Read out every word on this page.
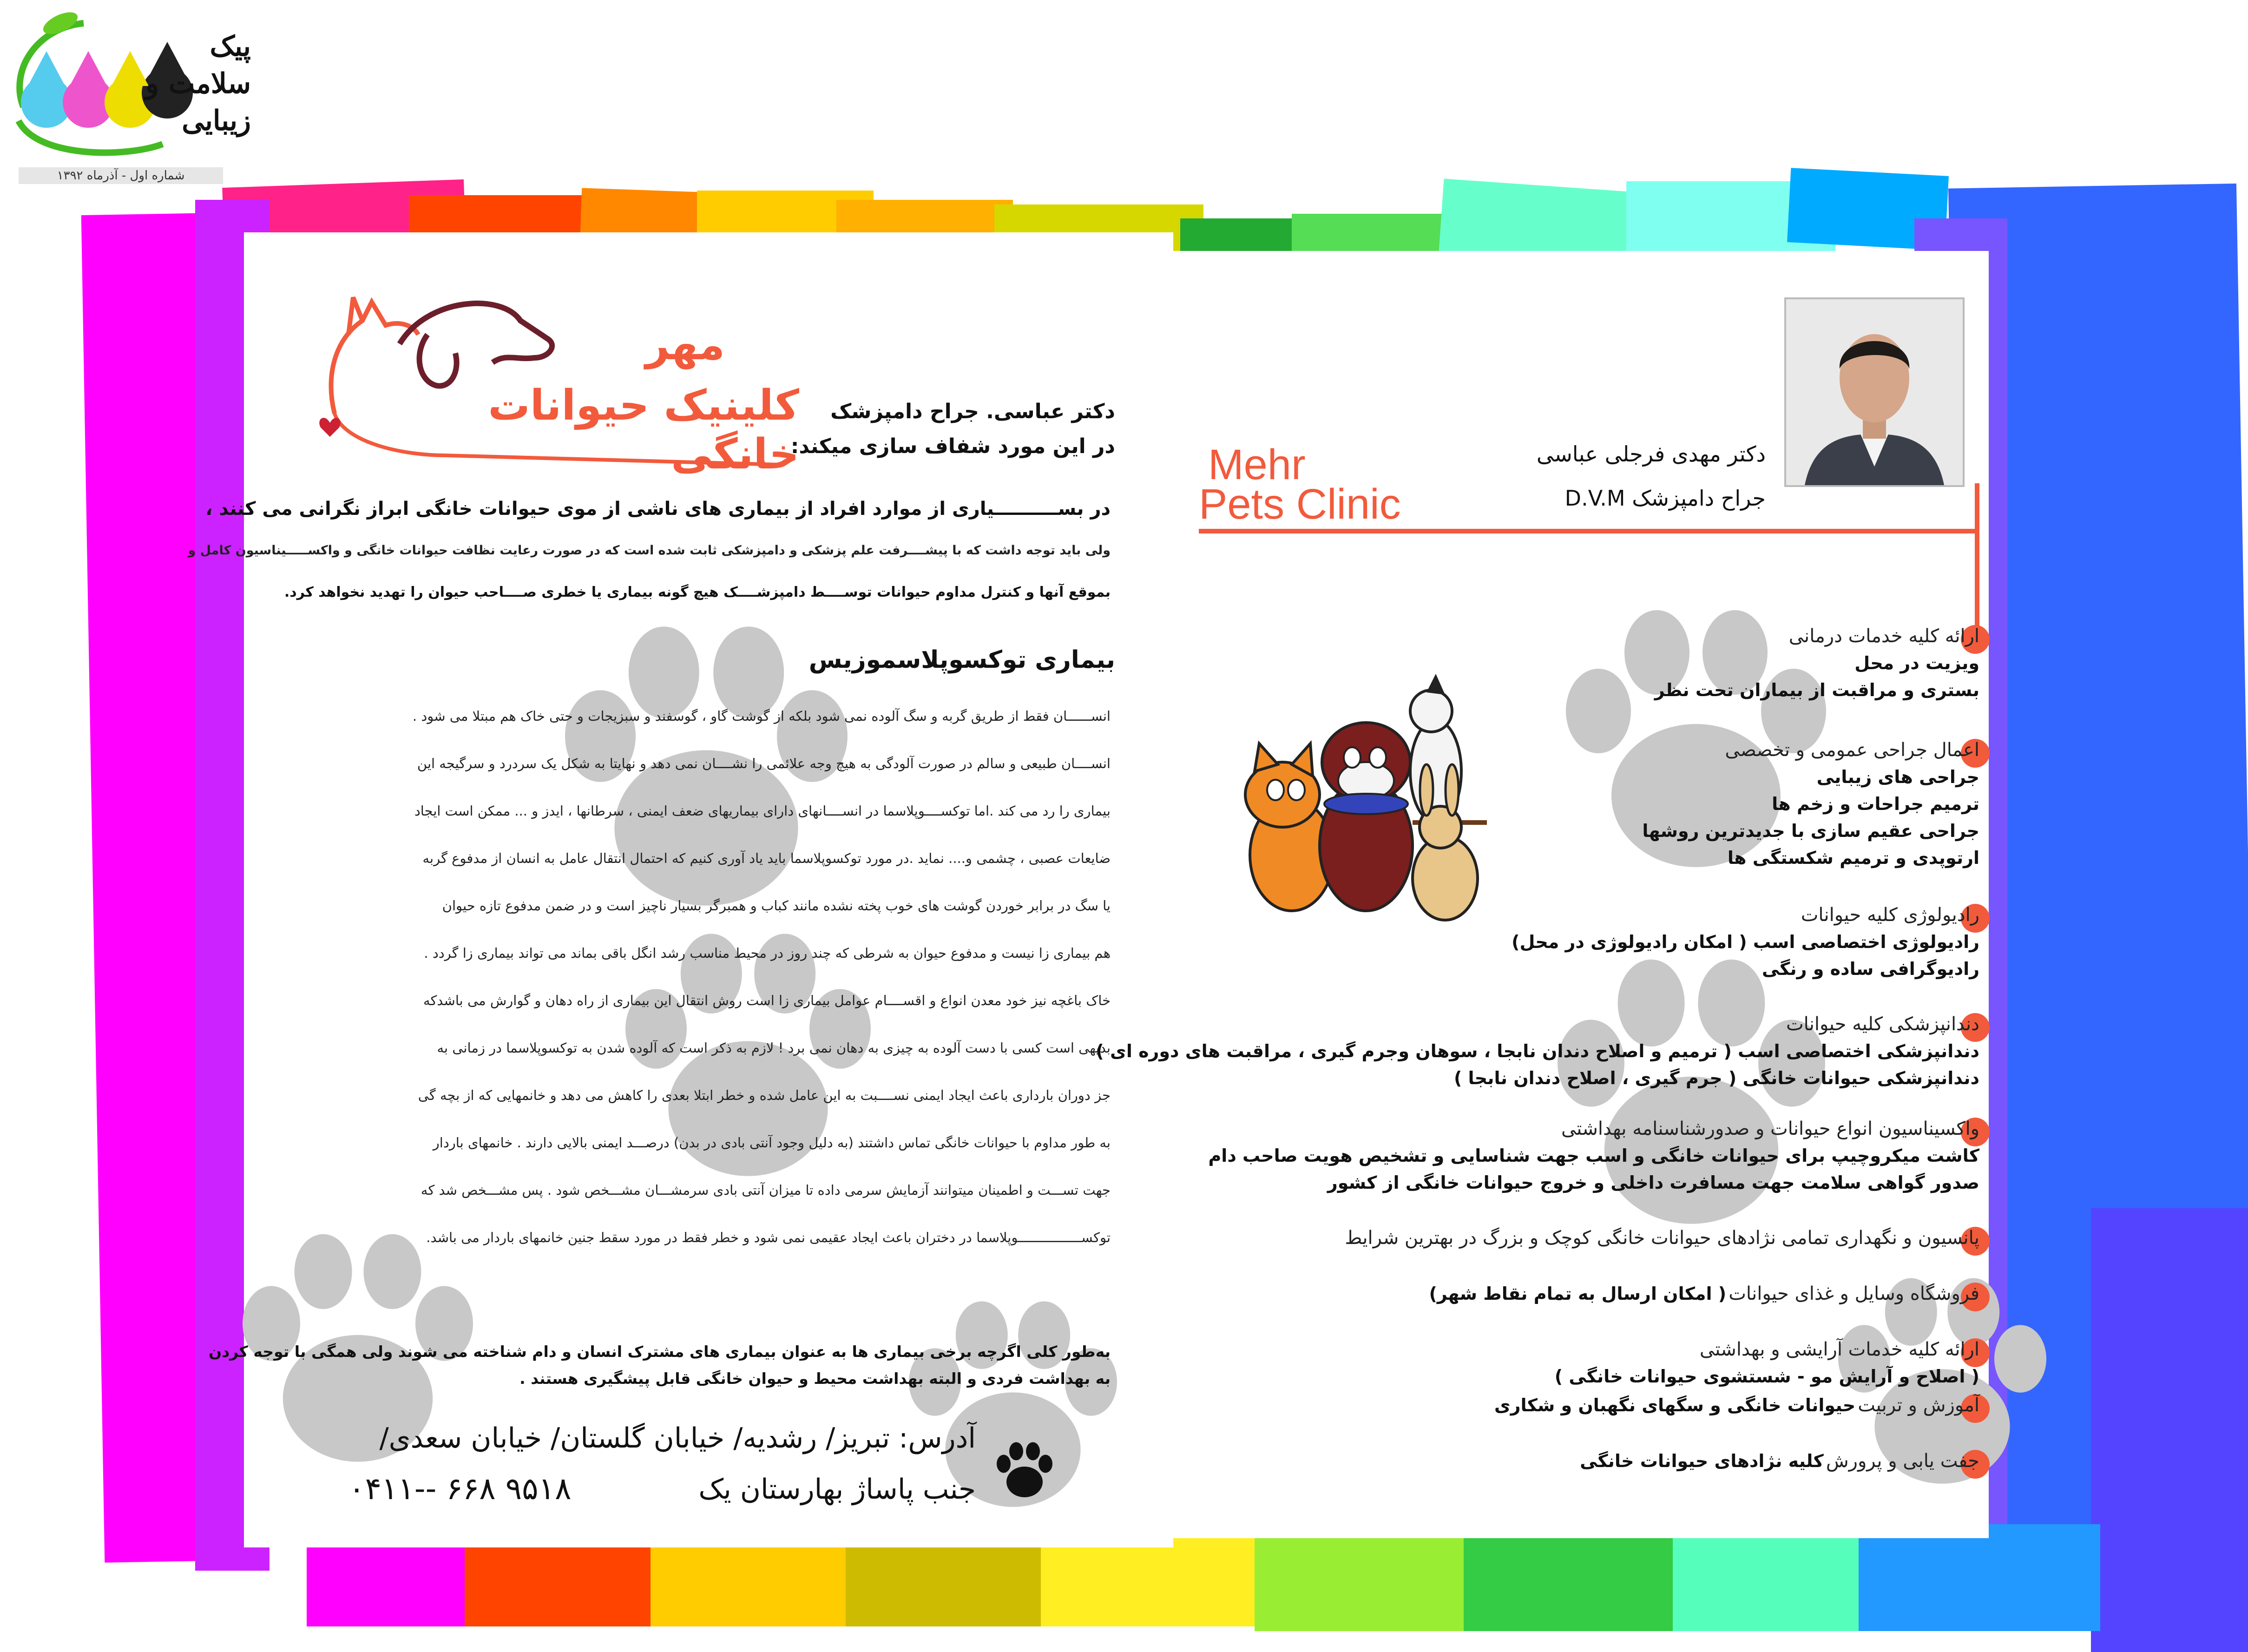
پیک سلامت و زیبایی
شماره اول - آذرماه ۱۳۹۲
مهر
کلینیک حیوانات خانگی
دکتر عباسی. جراح دامپزشک
در این مورد شفاف سازی میکند:
در بســــــــــیاری از موارد افراد از بیماری های ناشی از موی حیوانات خانگی ابراز نگرانی می کنند ،
ولی باید توجه داشت که با پیشــــرفت علم پزشکی و دامپزشکی ثابت شده است که در صورت رعایت نظافت حیوانات خانگی و واکســـــیناسیون کامل و
بموقع آنها و کنترل مداوم حیوانات توســــط دامپزشــــک هیچ گونه بیماری یا خطری صــــاحب حیوان را تهدید نخواهد کرد.
بیماری توکسوپلاسموزیس
انســــــان فقط از طریق گربه و سگ آلوده نمی شود بلکه از گوشت گاو ، گوسفند و سبزیجات و حتی خاک هم مبتلا می شود .
انســــان طبیعی و سالم در صورت آلودگی به هیچ وجه علائمی را نشــــان نمی دهد و نهایتا به شکل یک سردرد و سرگیجه این
بیماری را رد می کند .اما توکســــوپلاسما در انســــانهای دارای بیماریهای ضعف ایمنی ، سرطانها ، ایدز و ... ممکن است ایجاد
ضایعات عصبی ، چشمی و.... نماید .در مورد توکسوپلاسما باید یاد آوری کنیم که احتمال انتقال عامل به انسان از مدفوع گربه
یا سگ در برابر خوردن گوشت های خوب پخته نشده مانند کباب و همبرگر بسیار ناچیز است و در ضمن مدفوع تازه حیوان
هم بیماری زا نیست و مدفوع حیوان به شرطی که چند روز در محیط مناسب رشد انگل باقی بماند می تواند بیماری زا گردد .
خاک باغچه نیز خود معدن انواع و اقســــام عوامل بیماری زا است روش انتقال این بیماری از راه دهان و گوارش می باشدکه
بدیهی است کسی با دست آلوده به چیزی به دهان نمی برد ! لازم به ذکر است که آلوده شدن به توکسوپلاسما در زمانی به
جز دوران بارداری باعث ایجاد ایمنی نســــبت به این عامل شده و خطر ابتلا بعدی را کاهش می دهد و خانمهایی که از بچه گی
به طور مداوم با حیوانات خانگی تماس داشتند (به دلیل وجود آنتی بادی در بدن) درصـــد ایمنی بالایی دارند . خانمهای باردار
جهت تســـت و اطمینان میتوانند آزمایش سرمی داده تا میزان آنتی بادی سرمشـــان مشـــخص شود . پس مشـــخص شد که
توکســــــــــــــــوپلاسما در دختران باعث ایجاد عقیمی نمی شود و خطر فقط در مورد سقط جنین خانمهای باردار می باشد.
به‌طور کلی اگرچه برخی بیماری ها به عنوان بیماری های مشترک انسان و دام شناخته می شوند ولی همگی با توجه کردن
به بهداشت فردی و البته بهداشت محیط و حیوان خانگی قابل پیشگیری هستند .
آدرس: تبریز/ رشدیه/ خیابان گلستان/ خیابان سعدی/
جنب پاساژ بهارستان یک
۰۴۱۱-- ۶۶۸ ۹۵۱۸
Mehr
Pets Clinic
دکتر مهدی فرجلی عباسی
جراح دامپزشک D.V.M
ارائه کلیه خدمات درمانی
ویزیت در محل
بستری و مراقبت از بیماران تحت نظر
اعمال جراحی عمومی و تخصصی
جراحی های زیبایی
ترمیم جراحات و زخم ها
جراحی عقیم سازی با جدیدترین روشها
ارتوپدی و ترمیم شکستگی ها
رادیولوژی کلیه حیوانات
رادیولوژی اختصاصی اسب ( امکان رادیولوژی در محل)
رادیوگرافی ساده و رنگی
دندانپزشکی کلیه حیوانات
دندانپزشکی اختصاصی اسب ( ترمیم و اصلاح دندان نابجا ، سوهان وجرم گیری ، مراقبت های دوره ای )
دندانپزشکی حیوانات خانگی ( جرم گیری ، اصلاح دندان نابجا )
واکسیناسیون انواع حیوانات و صدورشناسنامه بهداشتی
کاشت میکروچیپ برای حیوانات خانگی و اسب جهت شناسایی و تشخیص هویت صاحب دام
صدور گواهی سلامت جهت مسافرت داخلی و خروج حیوانات خانگی از کشور
پانسیون و نگهداری تمامی نژادهای حیوانات خانگی کوچک و بزرگ در بهترین شرایط
فروشگاه وسایل و غذای حیوانات ( امکان ارسال به تمام نقاط شهر)
ارائه کلیه خدمات آرایشی و بهداشتی ( اصلاح و آرایش مو - شستشوی حیوانات خانگی )
آموزش و تربیت حیوانات خانگی و سگهای نگهبان و شکاری
جفت یابی و پرورش کلیه نژادهای حیوانات خانگی
